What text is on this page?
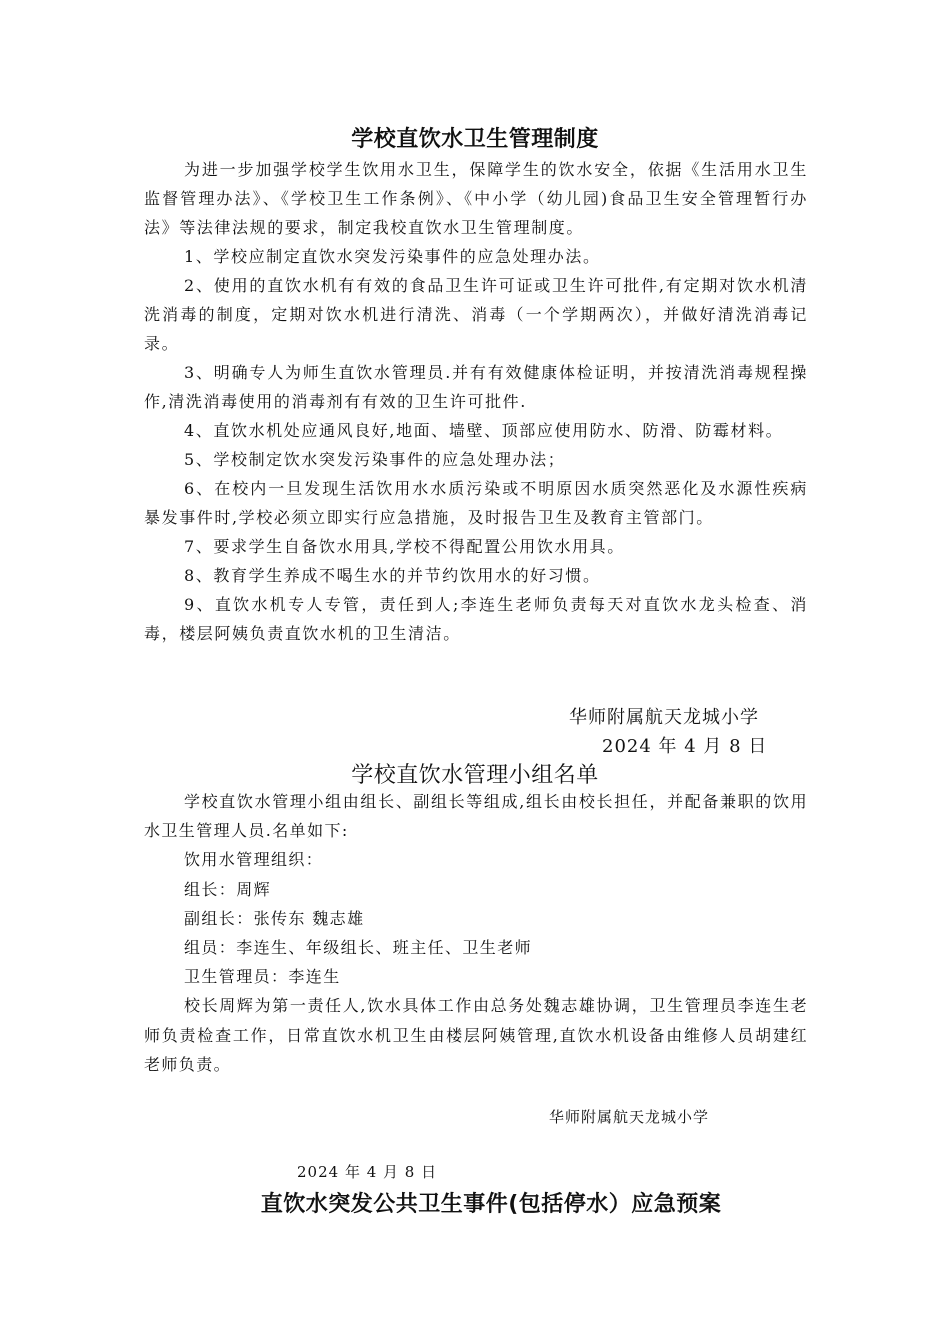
学校直饮水卫生管理制度

为进一步加强学校学生饮用水卫生，保障学生的饮水安全，依据《生活用水卫生监督管理办法》、《学校卫生工作条例》、《中小学（幼儿园)食品卫生安全管理暂行办法》等法律法规的要求，制定我校直饮水卫生管理制度。

1、学校应制定直饮水突发污染事件的应急处理办法。

2、使用的直饮水机有有效的食品卫生许可证或卫生许可批件,有定期对饮水机清洗消毒的制度，定期对饮水机进行清洗、消毒（一个学期两次），并做好清洗消毒记录。

3、明确专人为师生直饮水管理员.并有有效健康体检证明，并按清洗消毒规程操作,清洗消毒使用的消毒剂有有效的卫生许可批件.

4、直饮水机处应通风良好,地面、墙壁、顶部应使用防水、防滑、防霉材料。

5、学校制定饮水突发污染事件的应急处理办法；

6、在校内一旦发现生活饮用水水质污染或不明原因水质突然恶化及水源性疾病暴发事件时,学校必须立即实行应急措施，及时报告卫生及教育主管部门。

7、要求学生自备饮水用具,学校不得配置公用饮水用具。

8、教育学生养成不喝生水的并节约饮用水的好习惯。

9、直饮水机专人专管，责任到人;李连生老师负责每天对直饮水龙头检查、消毒，楼层阿姨负责直饮水机的卫生清洁。

华师附属航天龙城小学
2024 年 4 月 8 日
学校直饮水管理小组名单

学校直饮水管理小组由组长、副组长等组成,组长由校长担任，并配备兼职的饮用水卫生管理人员.名单如下:

饮用水管理组织：

组长：周辉

副组长：张传东 魏志雄

组员：李连生、年级组长、班主任、卫生老师

卫生管理员：李连生

校长周辉为第一责任人,饮水具体工作由总务处魏志雄协调，卫生管理员李连生老师负责检查工作，日常直饮水机卫生由楼层阿姨管理,直饮水机设备由维修人员胡建红老师负责。

华师附属航天龙城小学
2024 年 4 月 8 日
直饮水突发公共卫生事件(包括停水）应急预案
